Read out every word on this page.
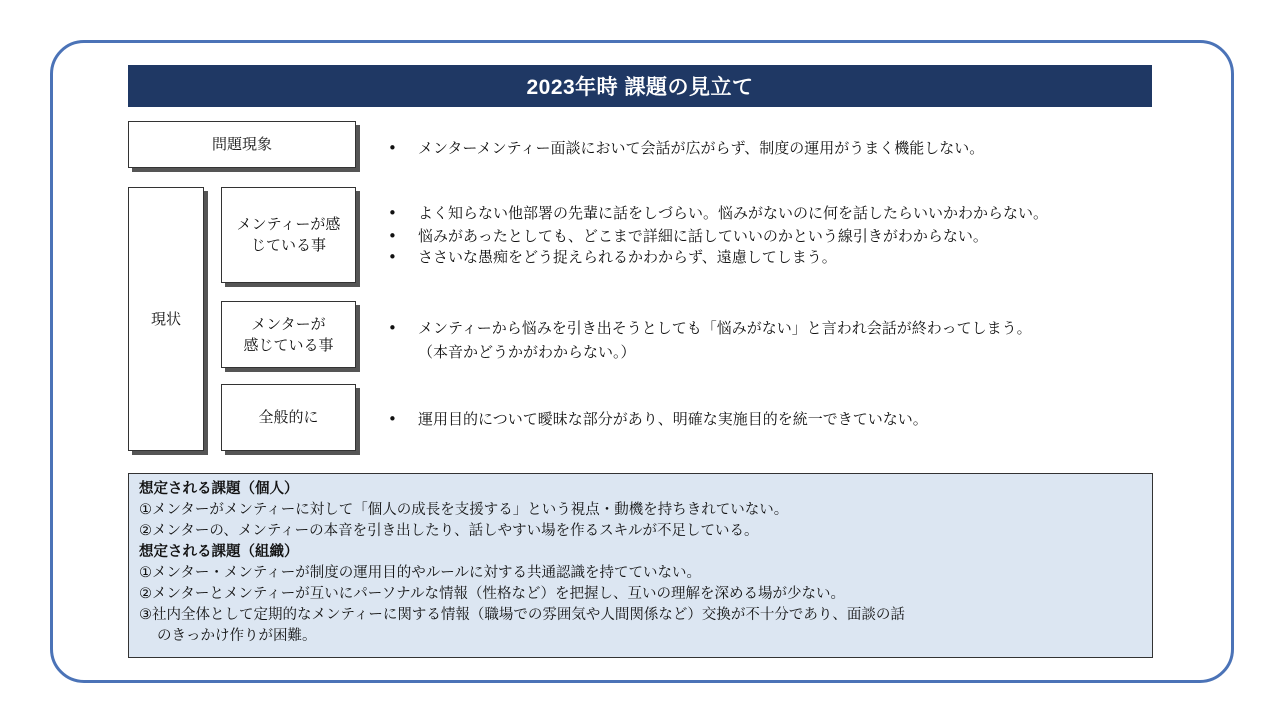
2023年時 課題の見立て
問題現象	• メンターメンティー面談において会話が広がらず、制度の運用がうまく機能しない。
現状
メンティーが感
じている事
• よく知らない他部署の先輩に話をしづらい。悩みがないのに何を話したらいいかわからない。
• 悩みがあったとしても、どこまで詳細に話していいのかという線引きがわからない。
• ささいな愚痴をどう捉えられるかわからず、遠慮してしまう。
メンターが
感じている事
• メンティーから悩みを引き出そうとしても「悩みがない」と言われ会話が終わってしまう。
（本音かどうかがわからない。）
全般的に	• 運用目的について曖昧な部分があり、明確な実施目的を統一できていない。
想定される課題（個人）
①メンターがメンティーに対して「個人の成長を支援する」という視点・動機を持ちきれていない。
②メンターの、メンティーの本音を引き出したり、話しやすい場を作るスキルが不足している。
想定される課題（組織）
①メンター・メンティーが制度の運用目的やルールに対する共通認識を持てていない。
②メンターとメンティーが互いにパーソナルな情報（性格など）を把握し、互いの理解を深める場が少ない。
③社内全体として定期的なメンティーに関する情報（職場での雰囲気や人間関係など）交換が不十分であり、面談の話
のきっかけ作りが困難。
